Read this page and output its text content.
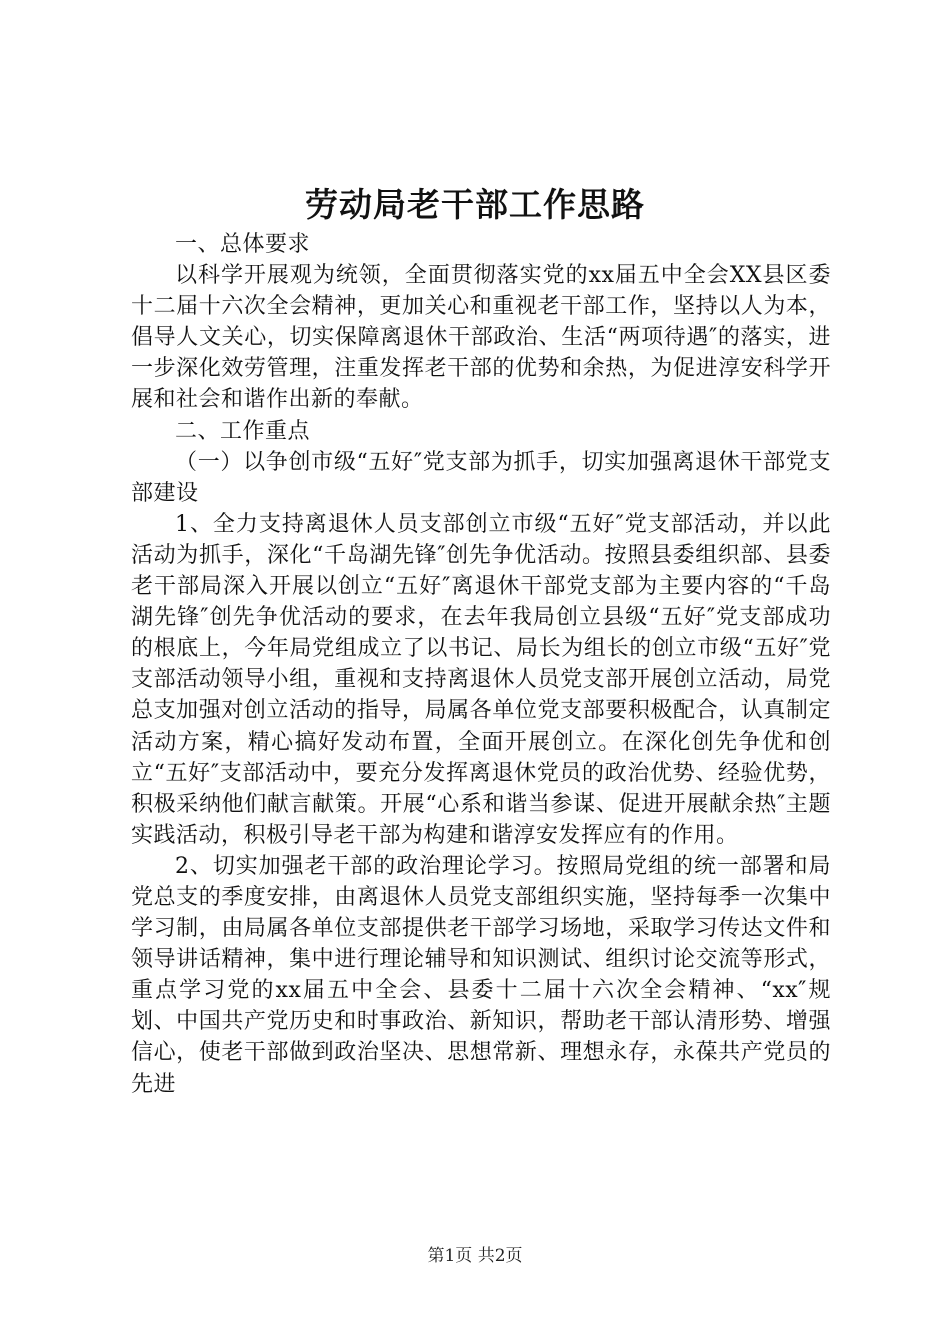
劳动局老干部工作思路

一、总体要求

以科学开展观为统领，全面贯彻落实党的xx届五中全会XX县区委十二届十六次全会精神，更加关心和重视老干部工作，坚持以人为本，倡导人文关心，切实保障离退休干部政治、生活“两项待遇″的落实，进一步深化效劳管理，注重发挥老干部的优势和余热，为促进淳安科学开展和社会和谐作出新的奉献。

二、工作重点

（一）以争创市级“五好″党支部为抓手，切实加强离退休干部党支部建设

1、全力支持离退休人员支部创立市级“五好″党支部活动，并以此活动为抓手，深化“千岛湖先锋″创先争优活动。按照县委组织部、县委老干部局深入开展以创立“五好″离退休干部党支部为主要内容的“千岛湖先锋″创先争优活动的要求，在去年我局创立县级“五好″党支部成功的根底上，今年局党组成立了以书记、局长为组长的创立市级“五好″党支部活动领导小组，重视和支持离退休人员党支部开展创立活动，局党总支加强对创立活动的指导，局属各单位党支部要积极配合，认真制定活动方案，精心搞好发动布置，全面开展创立。在深化创先争优和创立“五好″支部活动中，要充分发挥离退休党员的政治优势、经验优势，积极采纳他们献言献策。开展“心系和谐当参谋、促进开展献余热″主题实践活动，积极引导老干部为构建和谐淳安发挥应有的作用。

2、切实加强老干部的政治理论学习。按照局党组的统一部署和局党总支的季度安排，由离退休人员党支部组织实施，坚持每季一次集中学习制，由局属各单位支部提供老干部学习场地，采取学习传达文件和领导讲话精神，集中进行理论辅导和知识测试、组织讨论交流等形式，重点学习党的xx届五中全会、县委十二届十六次全会精神、“xx″规划、中国共产党历史和时事政治、新知识，帮助老干部认清形势、增强信心，使老干部做到政治坚决、思想常新、理想永存，永葆共产党员的先进

第1页 共2页
